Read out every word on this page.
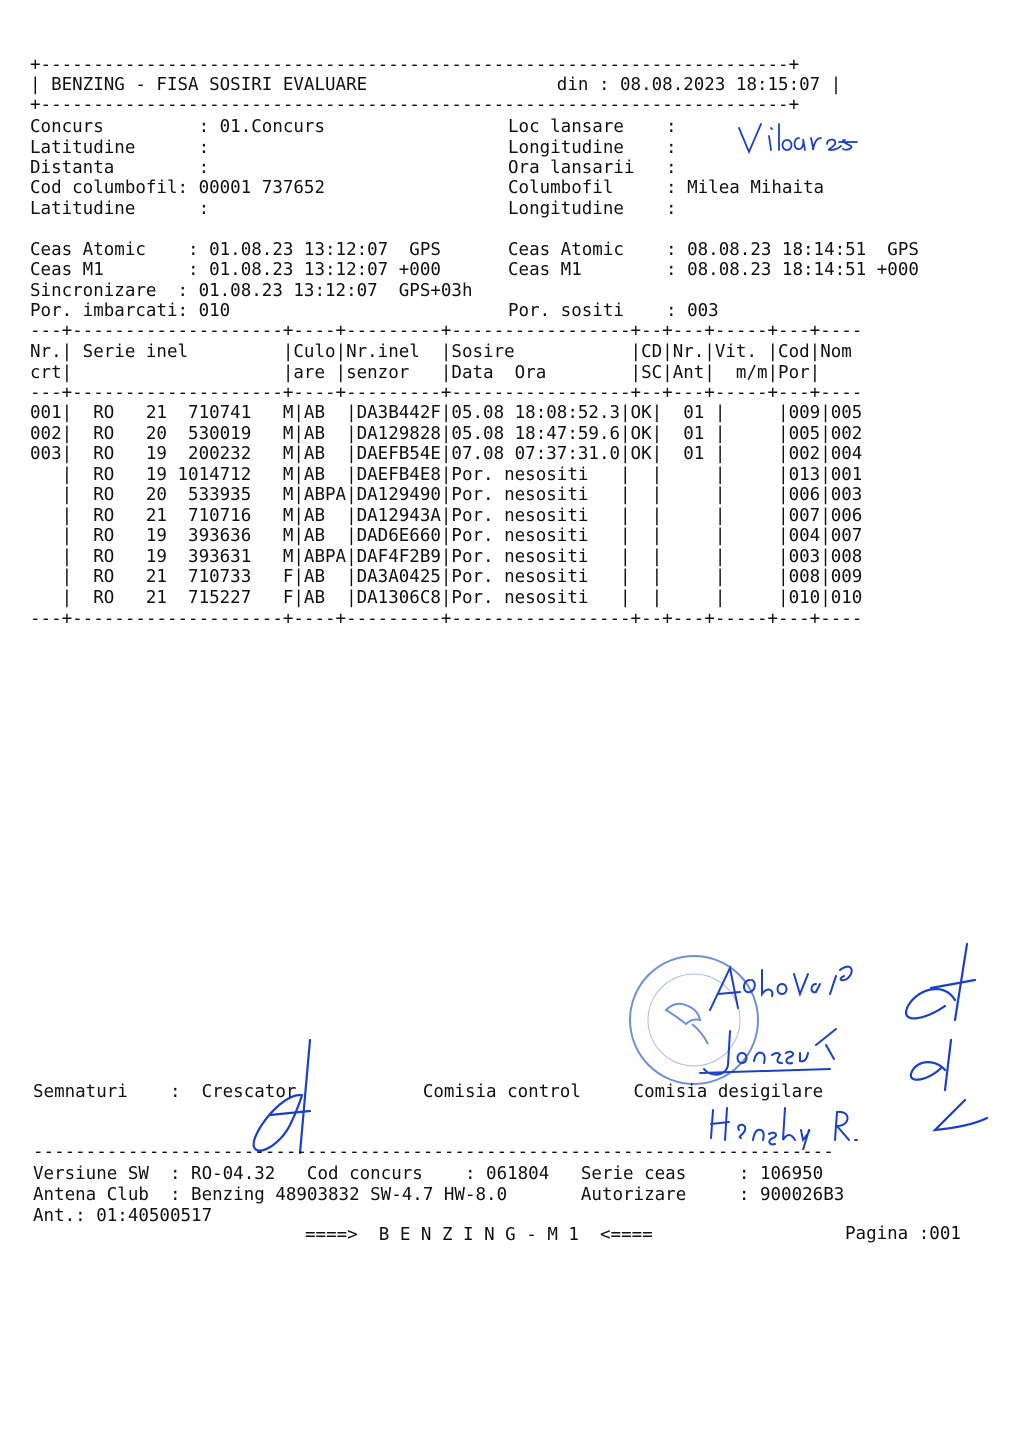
+-----------------------------------------------------------------------+
| BENZING - FISA SOSIRI EVALUARE                  din : 08.08.2023 18:15:07 |
+-----------------------------------------------------------------------+
Concurs         : 01.Concurs
Latitudine      :
Distanta        :
Cod columbofil: 00001 737652
Latitudine      :
Loc lansare    :
Longitudine    :
Ora lansarii   :
Columbofil     : Milea Mihaita
Longitudine    :
Ceas Atomic    : 01.08.23 13:12:07  GPS
Ceas M1        : 01.08.23 13:12:07 +000
Sincronizare  : 01.08.23 13:12:07  GPS+03h
Por. imbarcati: 010
Ceas Atomic    : 08.08.23 18:14:51  GPS
Ceas M1        : 08.08.23 18:14:51 +000
Por. sositi    : 003
---+--------------------+----+---------+-----------------+--+---+-----+---+----
Nr.| Serie inel         |Culo|Nr.inel  |Sosire           |CD|Nr.|Vit. |Cod|Nom
crt|                    |are |senzor   |Data  Ora        |SC|Ant|  m/m|Por|
---+--------------------+----+---------+-----------------+--+---+-----+---+----
001|  RO   21  710741   M|AB  |DA3B442F|05.08 18:08:52.3|OK|  01 |     |009|005
002|  RO   20  530019   M|AB  |DA129828|05.08 18:47:59.6|OK|  01 |     |005|002
003|  RO   19  200232   M|AB  |DAEFB54E|07.08 07:37:31.0|OK|  01 |     |002|004
|  RO   19 1014712   M|AB  |DAEFB4E8|Por. nesositi   |  |     |     |013|001
|  RO   20  533935   M|ABPA|DA129490|Por. nesositi   |  |     |     |006|003
|  RO   21  710716   M|AB  |DA12943A|Por. nesositi   |  |     |     |007|006
|  RO   19  393636   M|AB  |DAD6E660|Por. nesositi   |  |     |     |004|007
|  RO   19  393631   M|ABPA|DAF4F2B9|Por. nesositi   |  |     |     |003|008
|  RO   21  710733   F|AB  |DA3A0425|Por. nesositi   |  |     |     |008|009
|  RO   21  715227   F|AB  |DA1306C8|Por. nesositi   |  |     |     |010|010
---+--------------------+----+---------+-----------------+--+---+-----+---+----
Semnaturi    :  Crescator            Comisia control     Comisia desigilare
----------------------------------------------------------------------------
Versiune SW  : RO-04.32   Cod concurs    : 061804   Serie ceas     : 106950
Antena Club  : Benzing 48903832 SW-4.7 HW-8.0       Autorizare     : 900026B3
Ant.: 01:40500517
====>  B E N Z I N G - M 1  <====	Pagina :001
